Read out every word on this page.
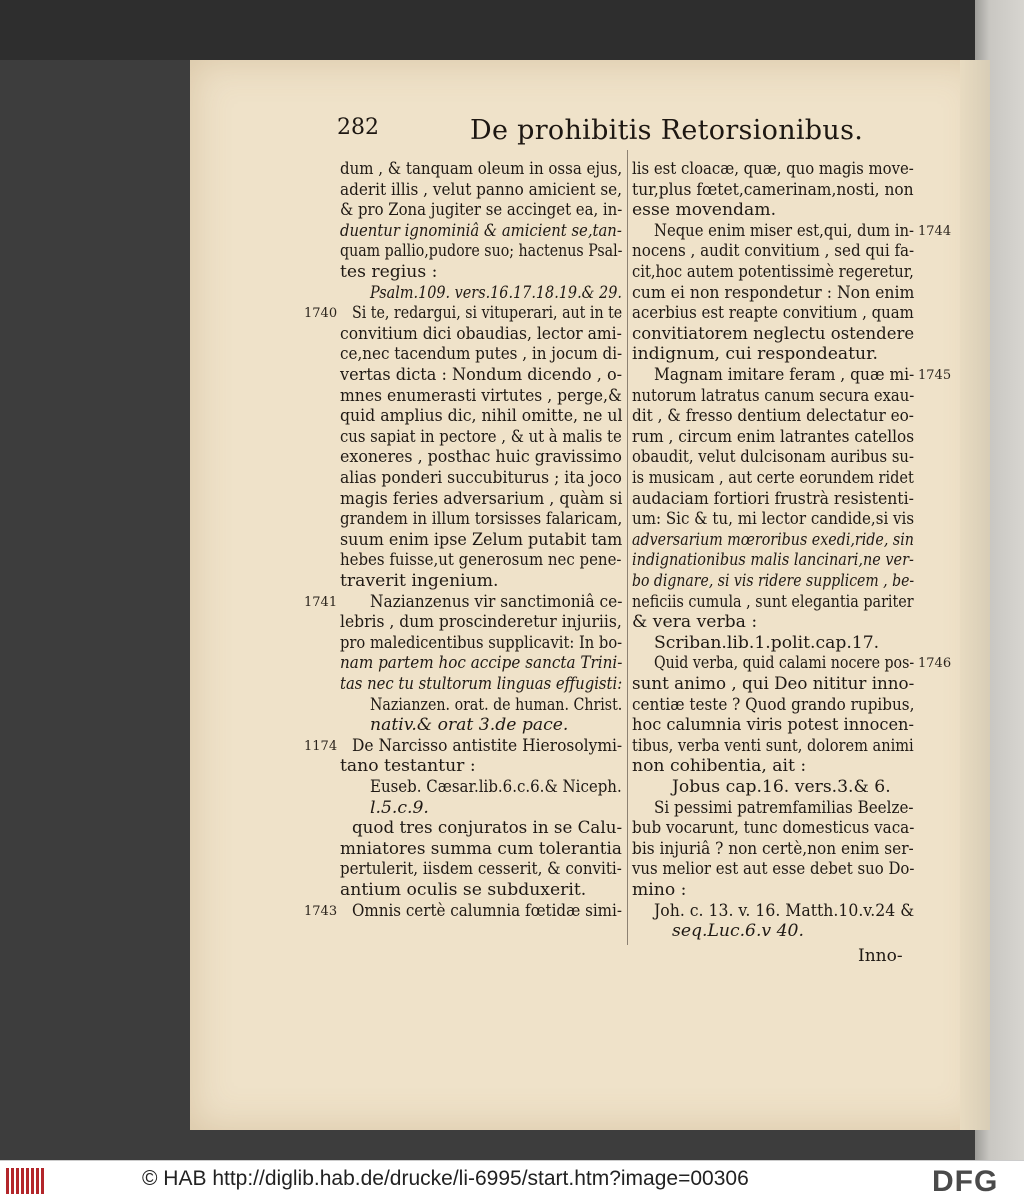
282	De prohibitis Retorsionibus.
dum , & tanquam oleum in ossa ejus,
aderit illis , velut panno amicient se,
& pro Zona jugiter se accinget ea, in-
duentur ignominiâ & amicient se,tan-
quam pallio,pudore suo; hactenus Psal-
tes regius :
Psalm.109. vers.16.17.18.19.& 29.
Si te, redargui, si vituperari, aut in te
convitium dici obaudias, lector ami-
ce,nec tacendum putes , in jocum di-
vertas dicta : Nondum dicendo , o-
mnes enumerasti virtutes , perge,&
quid amplius dic, nihil omitte, ne ul
cus sapiat in pectore , & ut à malis te
exoneres , posthac huic gravissimo
alias ponderi succubiturus ; ita joco
magis feries adversarium , quàm si
grandem in illum torsisses falaricam,
suum enim ipse Zelum putabit tam
hebes fuisse,ut generosum nec pene-
traverit ingenium.
Nazianzenus vir sanctimoniâ ce-
lebris , dum proscinderetur injuriis,
pro maledicentibus supplicavit: In bo-
nam partem hoc accipe sancta Trini-
tas nec tu stultorum linguas effugisti:
Nazianzen. orat. de human. Christ.
nativ.& orat 3.de pace.
De Narcisso antistite Hierosolymi-
tano testantur :
Euseb. Cæsar.lib.6.c.6.& Niceph.
l.5.c.9.
quod tres conjuratos in se Calu-
mniatores summa cum tolerantia
pertulerit, iisdem cesserit, & conviti-
antium oculis se subduxerit.
Omnis certè calumnia fœtidæ simi-
lis est cloacæ, quæ, quo magis move-
tur,plus fœtet,camerinam,nosti, non
esse movendam.
Neque enim miser est,qui, dum in-
nocens , audit convitium , sed qui fa-
cit,hoc autem potentissimè regeretur,
cum ei non respondetur : Non enim
acerbius est reapte convitium , quam
convitiatorem neglectu ostendere
indignum, cui respondeatur.
Magnam imitare feram , quæ mi-
nutorum latratus canum secura exau-
dit , & fresso dentium delectatur eo-
rum , circum enim latrantes catellos
obaudit, velut dulcisonam auribus su-
is musicam , aut certe eorundem ridet
audaciam fortiori frustrà resistenti-
um: Sic & tu, mi lector candide,si vis
adversarium mœroribus exedi,ride, sin
indignationibus malis lancinari,ne ver-
bo dignare, si vis ridere supplicem , be-
neficiis cumula , sunt elegantia pariter
& vera verba :
Scriban.lib.1.polit.cap.17.
Quid verba, quid calami nocere pos-
sunt animo , qui Deo nititur inno-
centiæ teste ? Quod grando rupibus,
hoc calumnia viris potest innocen-
tibus, verba venti sunt, dolorem animi
non cohibentia, ait :
Jobus cap.16. vers.3.& 6.
Si pessimi patremfamilias Beelze-
bub vocarunt, tunc domesticus vaca-
bis injuriâ ? non certè,non enim ser-
vus melior est aut esse debet suo Do-
mino :
Joh. c. 13. v. 16. Matth.10.v.24 &
seq.Luc.6.v 40.
1740
1741
1174
1743
1744
1745
1746
Inno-
© HAB http://diglib.hab.de/drucke/li-6995/start.htm?image=00306	DFG
